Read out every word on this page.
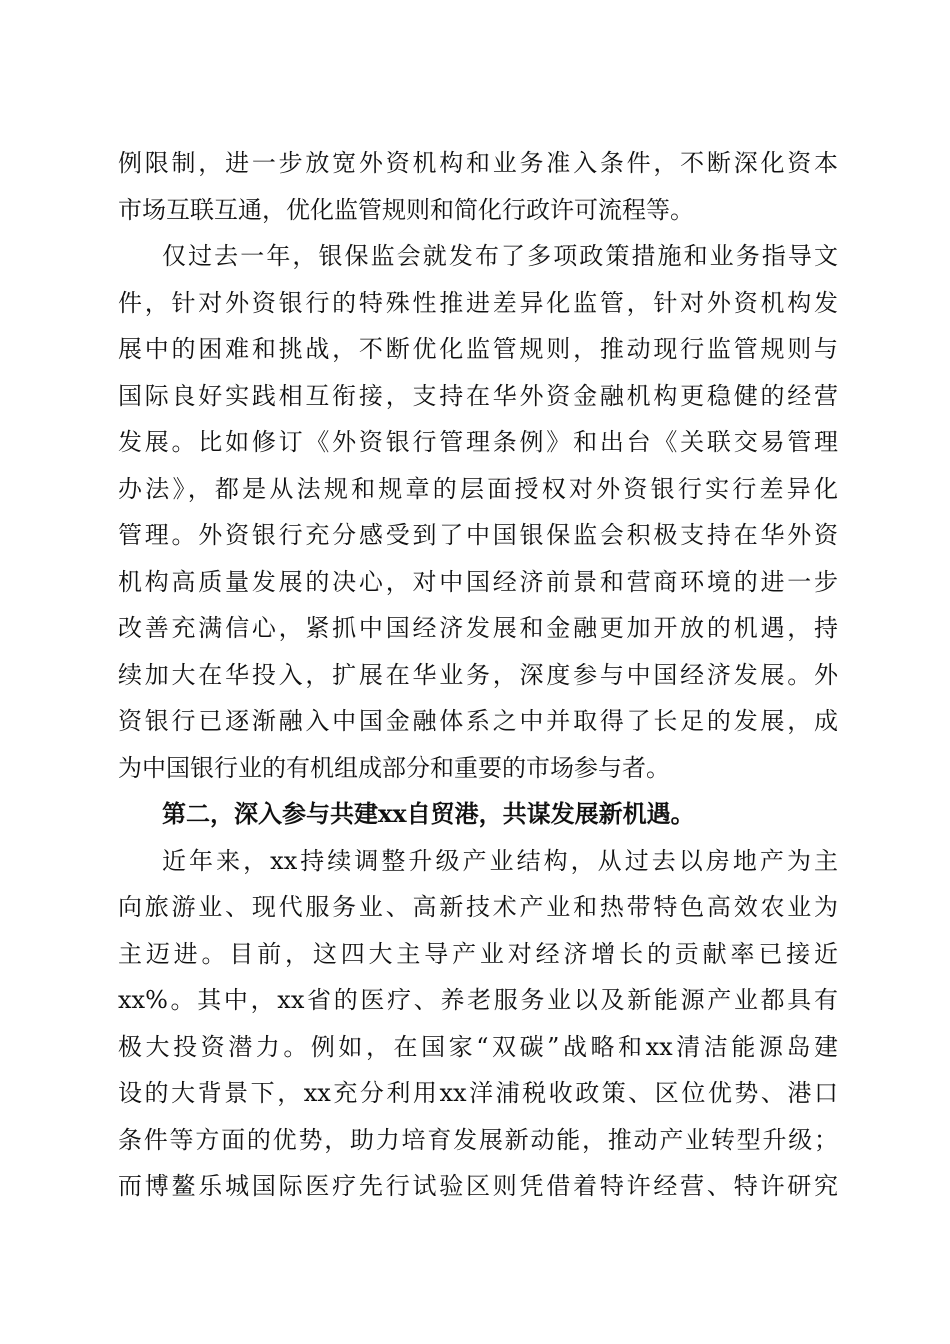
例限制，进一步放宽外资机构和业务准入条件，不断深化资本
市场互联互通，优化监管规则和简化行政许可流程等。
仅过去一年，银保监会就发布了多项政策措施和业务指导文
件，针对外资银行的特殊性推进差异化监管，针对外资机构发
展中的困难和挑战，不断优化监管规则，推动现行监管规则与
国际良好实践相互衔接，支持在华外资金融机构更稳健的经营
发展。比如修订《外资银行管理条例》和出台《关联交易管理
办法》，都是从法规和规章的层面授权对外资银行实行差异化
管理。外资银行充分感受到了中国银保监会积极支持在华外资
机构高质量发展的决心，对中国经济前景和营商环境的进一步
改善充满信心，紧抓中国经济发展和金融更加开放的机遇，持
续加大在华投入，扩展在华业务，深度参与中国经济发展。外
资银行已逐渐融入中国金融体系之中并取得了长足的发展，成
为中国银行业的有机组成部分和重要的市场参与者。
第二，深入参与共建xx自贸港，共谋发展新机遇。
近年来，xx持续调整升级产业结构，从过去以房地产为主
向旅游业、现代服务业、高新技术产业和热带特色高效农业为
主迈进。目前，这四大主导产业对经济增长的贡献率已接近
xx%。其中，xx省的医疗、养老服务业以及新能源产业都具有
极大投资潜力。例如，在国家“双碳”战略和xx清洁能源岛建
设的大背景下，xx充分利用xx洋浦税收政策、区位优势、港口
条件等方面的优势，助力培育发展新动能，推动产业转型升级；
而博鳌乐城国际医疗先行试验区则凭借着特许经营、特许研究
